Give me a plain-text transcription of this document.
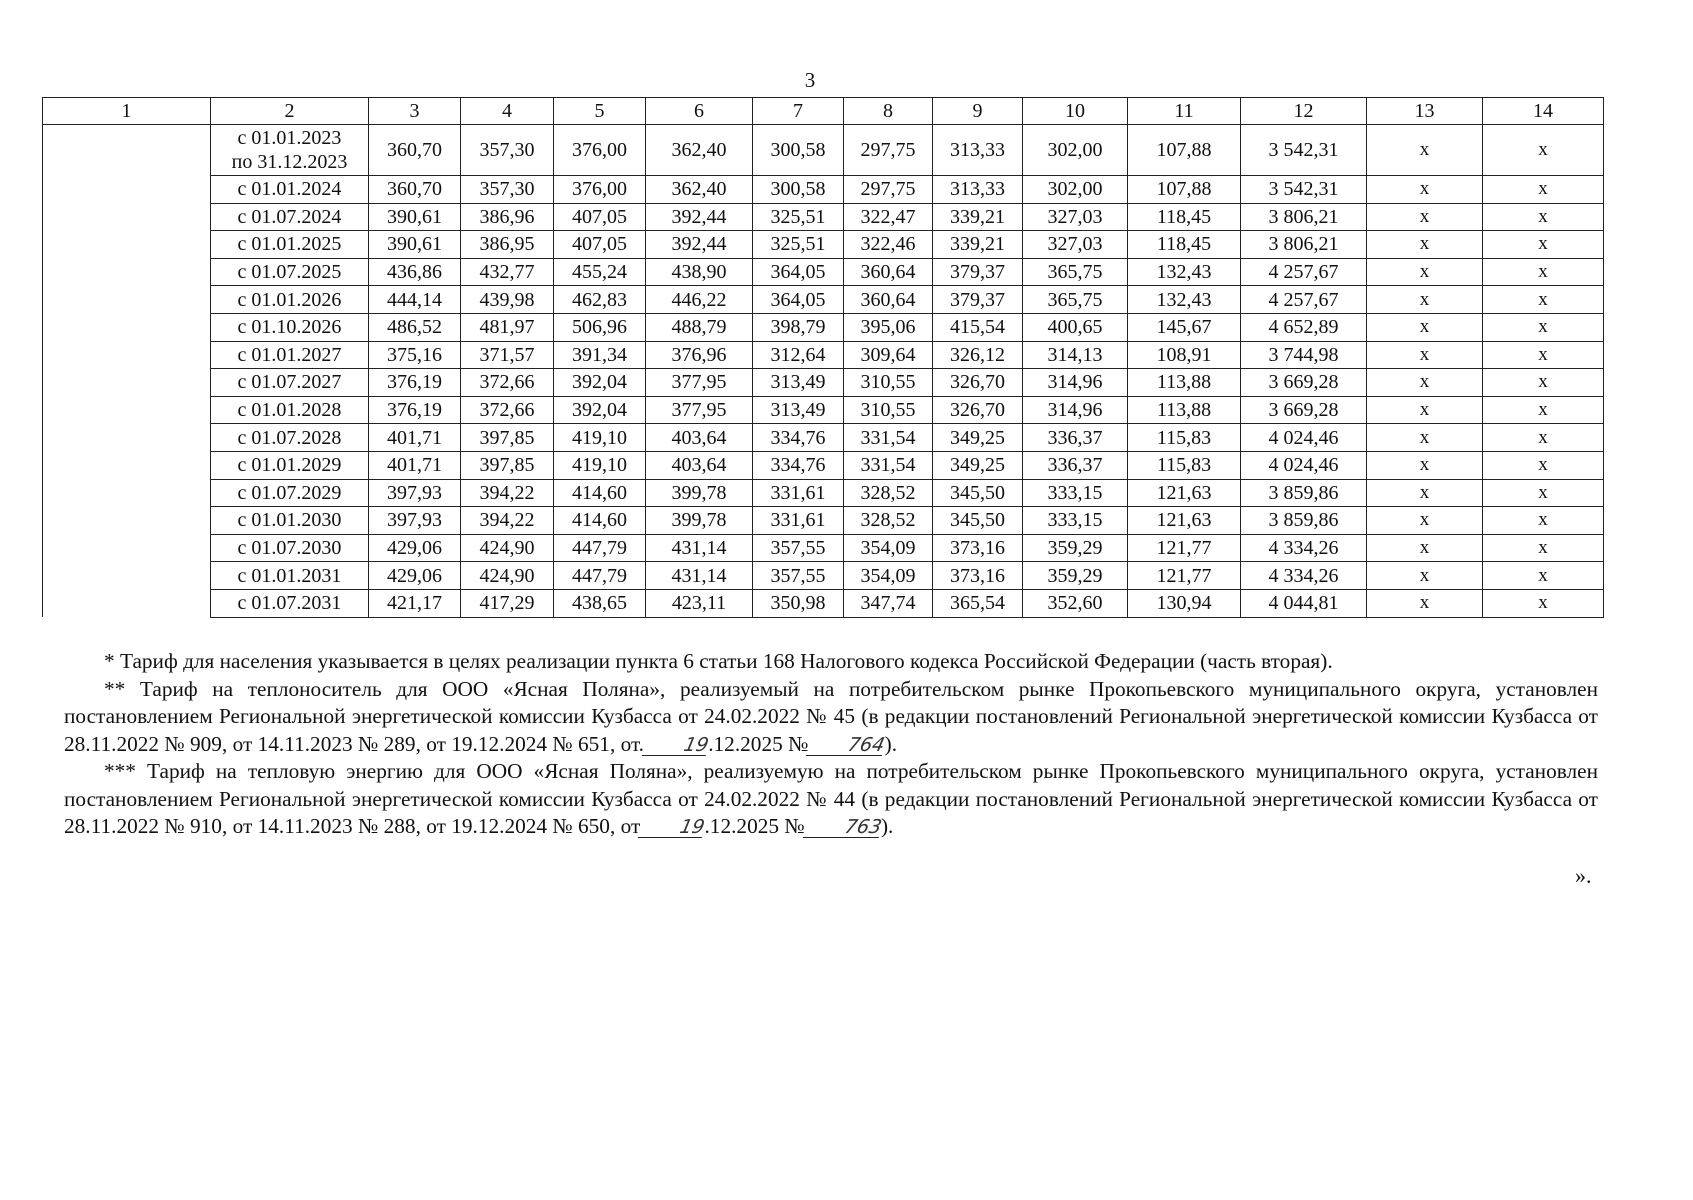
3
1	2	3	4	5	6	7	8	9	10	11	12	13	14

	с 01.01.2023
по 31.12.2023	360,70	357,30	376,00	362,40	300,58	297,75	313,33	302,00	107,88	3 542,31	х	х

	с 01.01.2024	360,70	357,30	376,00	362,40	300,58	297,75	313,33	302,00	107,88	3 542,31	х	х

	с 01.07.2024	390,61	386,96	407,05	392,44	325,51	322,47	339,21	327,03	118,45	3 806,21	х	х

	с 01.01.2025	390,61	386,95	407,05	392,44	325,51	322,46	339,21	327,03	118,45	3 806,21	х	х

	с 01.07.2025	436,86	432,77	455,24	438,90	364,05	360,64	379,37	365,75	132,43	4 257,67	х	х

	с 01.01.2026	444,14	439,98	462,83	446,22	364,05	360,64	379,37	365,75	132,43	4 257,67	х	х

	с 01.10.2026	486,52	481,97	506,96	488,79	398,79	395,06	415,54	400,65	145,67	4 652,89	х	х

	с 01.01.2027	375,16	371,57	391,34	376,96	312,64	309,64	326,12	314,13	108,91	3 744,98	х	х

	с 01.07.2027	376,19	372,66	392,04	377,95	313,49	310,55	326,70	314,96	113,88	3 669,28	х	х

	с 01.01.2028	376,19	372,66	392,04	377,95	313,49	310,55	326,70	314,96	113,88	3 669,28	х	х

	с 01.07.2028	401,71	397,85	419,10	403,64	334,76	331,54	349,25	336,37	115,83	4 024,46	х	х

	с 01.01.2029	401,71	397,85	419,10	403,64	334,76	331,54	349,25	336,37	115,83	4 024,46	х	х

	с 01.07.2029	397,93	394,22	414,60	399,78	331,61	328,52	345,50	333,15	121,63	3 859,86	х	х

	с 01.01.2030	397,93	394,22	414,60	399,78	331,61	328,52	345,50	333,15	121,63	3 859,86	х	х

	с 01.07.2030	429,06	424,90	447,79	431,14	357,55	354,09	373,16	359,29	121,77	4 334,26	х	х

	с 01.01.2031	429,06	424,90	447,79	431,14	357,55	354,09	373,16	359,29	121,77	4 334,26	х	х

	с 01.07.2031	421,17	417,29	438,65	423,11	350,98	347,74	365,54	352,60	130,94	4 044,81	х	х

* Тариф для населения указывается в целях реализации пункта 6 статьи 168 Налогового кодекса Российской Федерации (часть вторая).

** Тариф на теплоноситель для ООО «Ясная Поляна», реализуемый на потребительском рынке Прокопьевского муниципального округа, установлен постановлением Региональной энергетической комиссии Кузбасса от 24.02.2022 № 45 (в редакции постановлений Региональной энергетической комиссии Кузбасса от 28.11.2022 № 909, от 14.11.2023 № 289, от 19.12.2024 № 651, от. 19.12.2025 № 764).

*** Тариф на тепловую энергию для ООО «Ясная Поляна», реализуемую на потребительском рынке Прокопьевского муниципального округа, установлен постановлением Региональной энергетической комиссии Кузбасса от 24.02.2022 № 44 (в редакции постановлений Региональной энергетической комиссии Кузбасса от 28.11.2022 № 910, от 14.11.2023 № 288, от 19.12.2024 № 650, от 19.12.2025 № 763).

».
